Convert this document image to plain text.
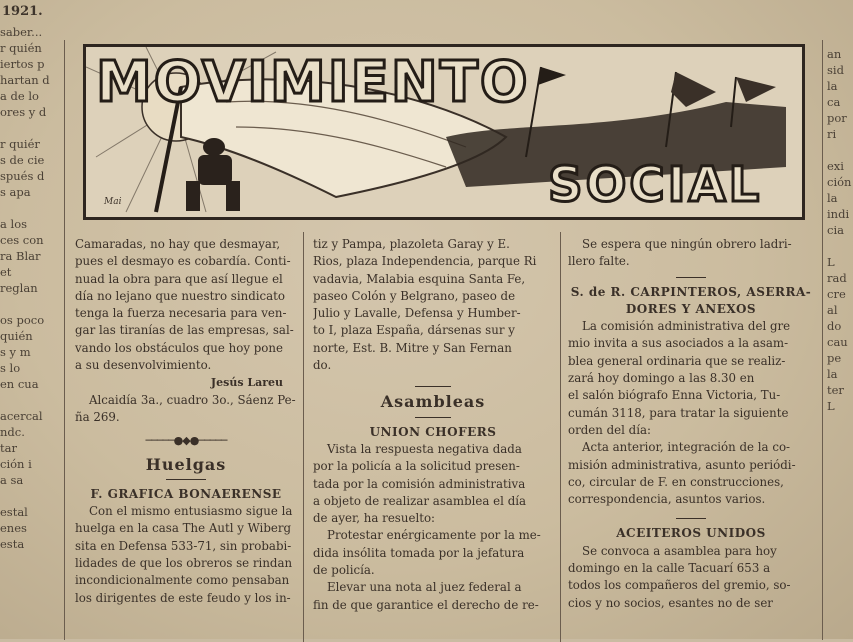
1921.
saber...
r quién
iertos p
hartan d
a de lo
ores y d
r quiér
s de cie
spués d
s apa
a los
ces con
ra Blar
et
reglan
os poco
quién
s y m
s lo
en cua
acercal
ndc.
tar
ción i
a sa
estal
enes
esta
an
sid
la
ca
por
ri
exi
ción
la
indi
cia
L
rad
cre
al
do
cau
pe
la
ter
L
MOVIMIENTO
SOCIAL
Mai

Camaradas, no hay que desmayar,
pues el desmayo es cobardía. Conti-
nuad la obra para que así llegue el
día no lejano que nuestro sindicato
tenga la fuerza necesaria para ven-
gar las tiranías de las empresas, sal-
vando los obstáculos que hoy pone
a su desenvolvimiento.

Jesús Lareu

Alcaidía 3a., cuadro 3o., Sáenz Pe-
ña 269.

─────●◆●─────
Huelgas
F. GRAFICA BONAERENSE

Con el mismo entusiasmo sigue la
huelga en la casa The Autl y Wiberg
sita en Defensa 533-71, sin probabi-
lidades de que los obreros se rindan
incondicionalmente como pensaban
los dirigentes de este feudo y los in-

tiz y Pampa, plazoleta Garay y E.
Rios, plaza Independencia, parque Ri
vadavia, Malabia esquina Santa Fe,
paseo Colón y Belgrano, paseo de
Julio y Lavalle, Defensa y Humber-
to I, plaza España, dársenas sur y
norte, Est. B. Mitre y San Fernan
do.

Asambleas
UNION CHOFERS

Vista la respuesta negativa dada
por la policía a la solicitud presen-
tada por la comisión administrativa
a objeto de realizar asamblea el día
de ayer, ha resuelto:

Protestar enérgicamente por la me-
dida insólita tomada por la jefatura
de policía.

Elevar una nota al juez federal a
fin de que garantice el derecho de re-

Se espera que ningún obrero ladri-
llero falte.

S. de R. CARPINTEROS, ASERRA-
DORES Y ANEXOS

La comisión administrativa del gre
mio invita a sus asociados a la asam-
blea general ordinaria que se realiz-
zará hoy domingo a las 8.30 en
el salón biógrafo Enna Victoria, Tu-
cumán 3118, para tratar la siguiente
orden del día:

Acta anterior, integración de la co-
misión administrativa, asunto periódi-
co, circular de F. en construcciones,
correspondencia, asuntos varios.

ACEITEROS UNIDOS

Se convoca a asamblea para hoy
domingo en la calle Tacuarí 653 a
todos los compañeros del gremio, so-
cios y no socios, esantes no de ser
